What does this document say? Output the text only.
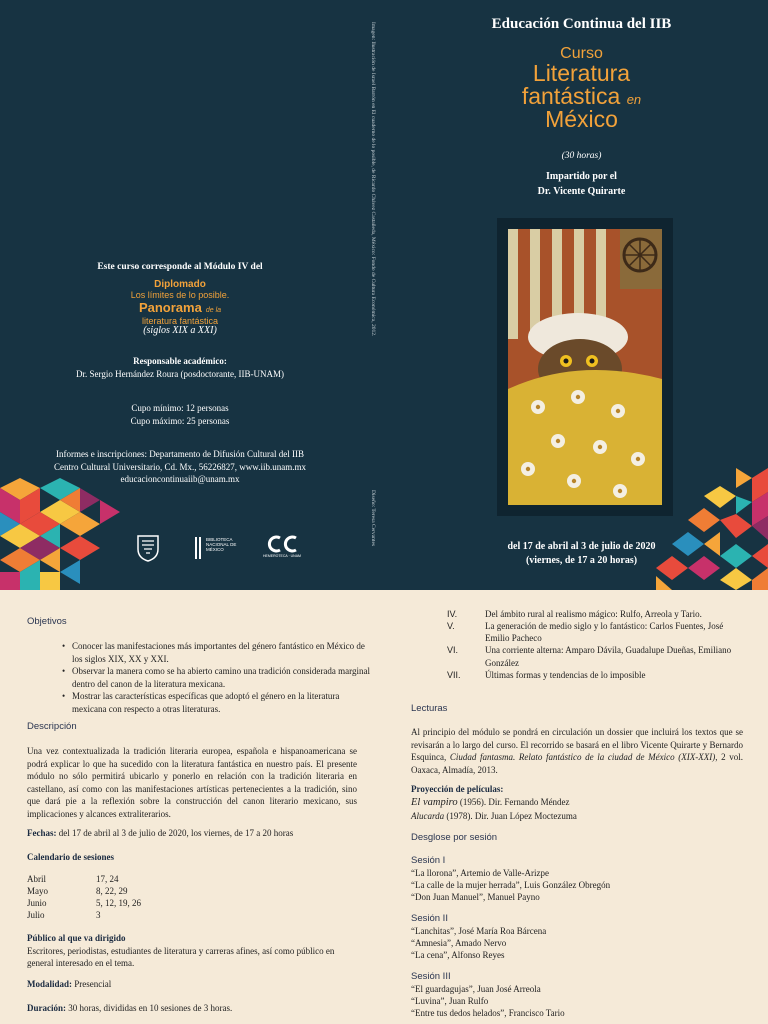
Este curso corresponde al Módulo IV del
Diplomado
Los límites de lo posible.
Panorama de la
literatura fantástica
(siglos XIX a XXI)
Responsable académico:
Dr. Sergio Hernández Roura (posdoctorante, IIB-UNAM)
Cupo mínimo: 12 personas
Cupo máximo: 25 personas
Informes e inscripciones: Departamento de Difusión Cultural del IIB
Centro Cultural Universitario, Cd. Mx., 56226827, www.iib.unam.mx
educacioncontinuaiib@unam.mx
BIBLIOTECA NACIONAL DE MÉXICO
HEMEROTECA · UNAM
Imagen: Ilustración de Israel Barrón en El cuaderno de lo posible, de Ricardo Chávez Castañeda, México: Fondo de Cultura Económica, 2012.
Diseño: Teresa Cervantes
Educación Continua del IIB
Curso
Literatura
fantástica en
México
(30 horas)
Impartido por el
Dr. Vicente Quirarte
del 17 de abril al 3 de julio de 2020
(viernes, de 17 a 20 horas)
Objetivos
• Conocer las manifestaciones más importantes del género fantástico en México de los siglos XIX, XX y XXI.
• Observar la manera como se ha abierto camino una tradición considerada marginal dentro del canon de la literatura mexicana.
• Mostrar las características específicas que adoptó el género en la literatura mexicana con respecto a otras literaturas.
Descripción
Una vez contextualizada la tradición literaria europea, española e hispanoamericana se podrá explicar lo que ha sucedido con la literatura fantástica en nuestro país. El presente módulo no sólo permitirá ubicarlo y ponerlo en relación con la tradición literaria en castellano, así como con las manifestaciones artísticas pertenecientes a la tradición, sino que dará pie a la reflexión sobre la construcción del canon literario mexicano, sus implicaciones y alcances extraliterarios.
Fechas: del 17 de abril al 3 de julio de 2020, los viernes, de 17 a 20 horas
Calendario de sesiones
Abril	17, 24
Mayo	8, 22, 29
Junio	5, 12, 19, 26
Julio	3
Público al que va dirigido
Escritores, periodistas, estudiantes de literatura y carreras afines, así como público en general interesado en el tema.
Modalidad: Presencial
Duración: 30 horas, divididas en 10 sesiones de 3 horas.
IV.	Del ámbito rural al realismo mágico: Rulfo, Arreola y Tario.
V.	La generación de medio siglo y lo fantástico: Carlos Fuentes, José Emilio Pacheco
VI.	Una corriente alterna: Amparo Dávila, Guadalupe Dueñas, Emiliano González
VII.	Últimas formas y tendencias de lo imposible
Lecturas
Al principio del módulo se pondrá en circulación un dossier que incluirá los textos que se revisarán a lo largo del curso. El recorrido se basará en el libro Vicente Quirarte y Bernardo Esquinca, Ciudad fantasma. Relato fantástico de la ciudad de México (XIX-XXI), 2 vol. Oaxaca, Almadía, 2013.
Proyección de películas:
El vampiro (1956). Dir. Fernando Méndez
Alucarda (1978). Dir. Juan López Moctezuma
Desglose por sesión
Sesión I
“La llorona”, Artemio de Valle-Arizpe
“La calle de la mujer herrada”, Luis González Obregón
“Don Juan Manuel”, Manuel Payno
Sesión II
“Lanchitas”, José María Roa Bárcena
“Amnesia”, Amado Nervo
“La cena”, Alfonso Reyes
Sesión III
“El guardagujas”, Juan José Arreola
“Luvina”, Juan Rulfo
“Entre tus dedos helados”, Francisco Tario
